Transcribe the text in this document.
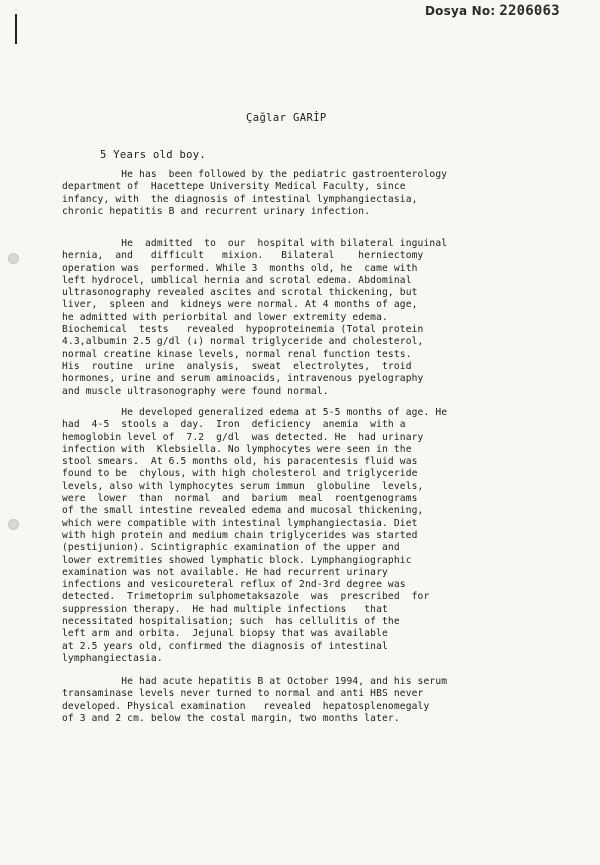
Dosya No: 2206063
Çağlar GARİP
5 Years old boy.
He has  been followed by the pediatric gastroenterology
department of  Hacettepe University Medical Faculty, since
infancy, with  the diagnosis of intestinal lymphangiectasia,
chronic hepatitis B and recurrent urinary infection.
He  admitted  to  our  hospital with bilateral inguinal
hernia,  and   difficult   mixion.   Bilateral    herniectomy
operation was  performed. While 3  months old, he  came with
left hydrocel, umblical hernia and scrotal edema. Abdominal
ultrasonography revealed ascites and scrotal thickening, but
liver,  spleen and  kidneys were normal. At 4 months of age,
he admitted with periorbital and lower extremity edema.
Biochemical  tests   revealed  hypoproteinemia (Total protein
4.3,albumin 2.5 g/dl (↓) normal triglyceride and cholesterol,
normal creatine kinase levels, normal renal function tests.
His  routine  urine  analysis,  sweat  electrolytes,  troid
hormones, urine and serum aminoacids, intravenous pyelography
and muscle ultrasonography were found normal.
He developed generalized edema at 5-5 months of age. He
had  4-5  stools a  day.  Iron  deficiency  anemia  with a
hemoglobin level of  7.2  g/dl  was detected. He  had urinary
infection with  Klebsiella. No lymphocytes were seen in the
stool smears.  At 6.5 months old, his paracentesis fluid was
found to be  chylous, with high cholesterol and triglyceride
levels, also with lymphocytes serum immun  globuline  levels,
were  lower  than  normal  and  barium  meal  roentgenograms
of the small intestine revealed edema and mucosal thickening,
which were compatible with intestinal lymphangiectasia. Diet
with high protein and medium chain triglycerides was started
(pestijunion). Scintigraphic examination of the upper and
lower extremities showed lymphatic block. Lymphangiographic
examination was not available. He had recurrent urinary
infections and vesicoureteral reflux of 2nd-3rd degree was
detected.  Trimetoprim sulphometaksazole  was  prescribed  for
suppression therapy.  He had multiple infections   that
necessitated hospitalisation; such  has cellulitis of the
left arm and orbita.  Jejunal biopsy that was available
at 2.5 years old, confirmed the diagnosis of intestinal
lymphangiectasia.
He had acute hepatitis B at October 1994, and his serum
transaminase levels never turned to normal and anti HBS never
developed. Physical examination   revealed  hepatosplenomegaly
of 3 and 2 cm. below the costal margin, two months later.
